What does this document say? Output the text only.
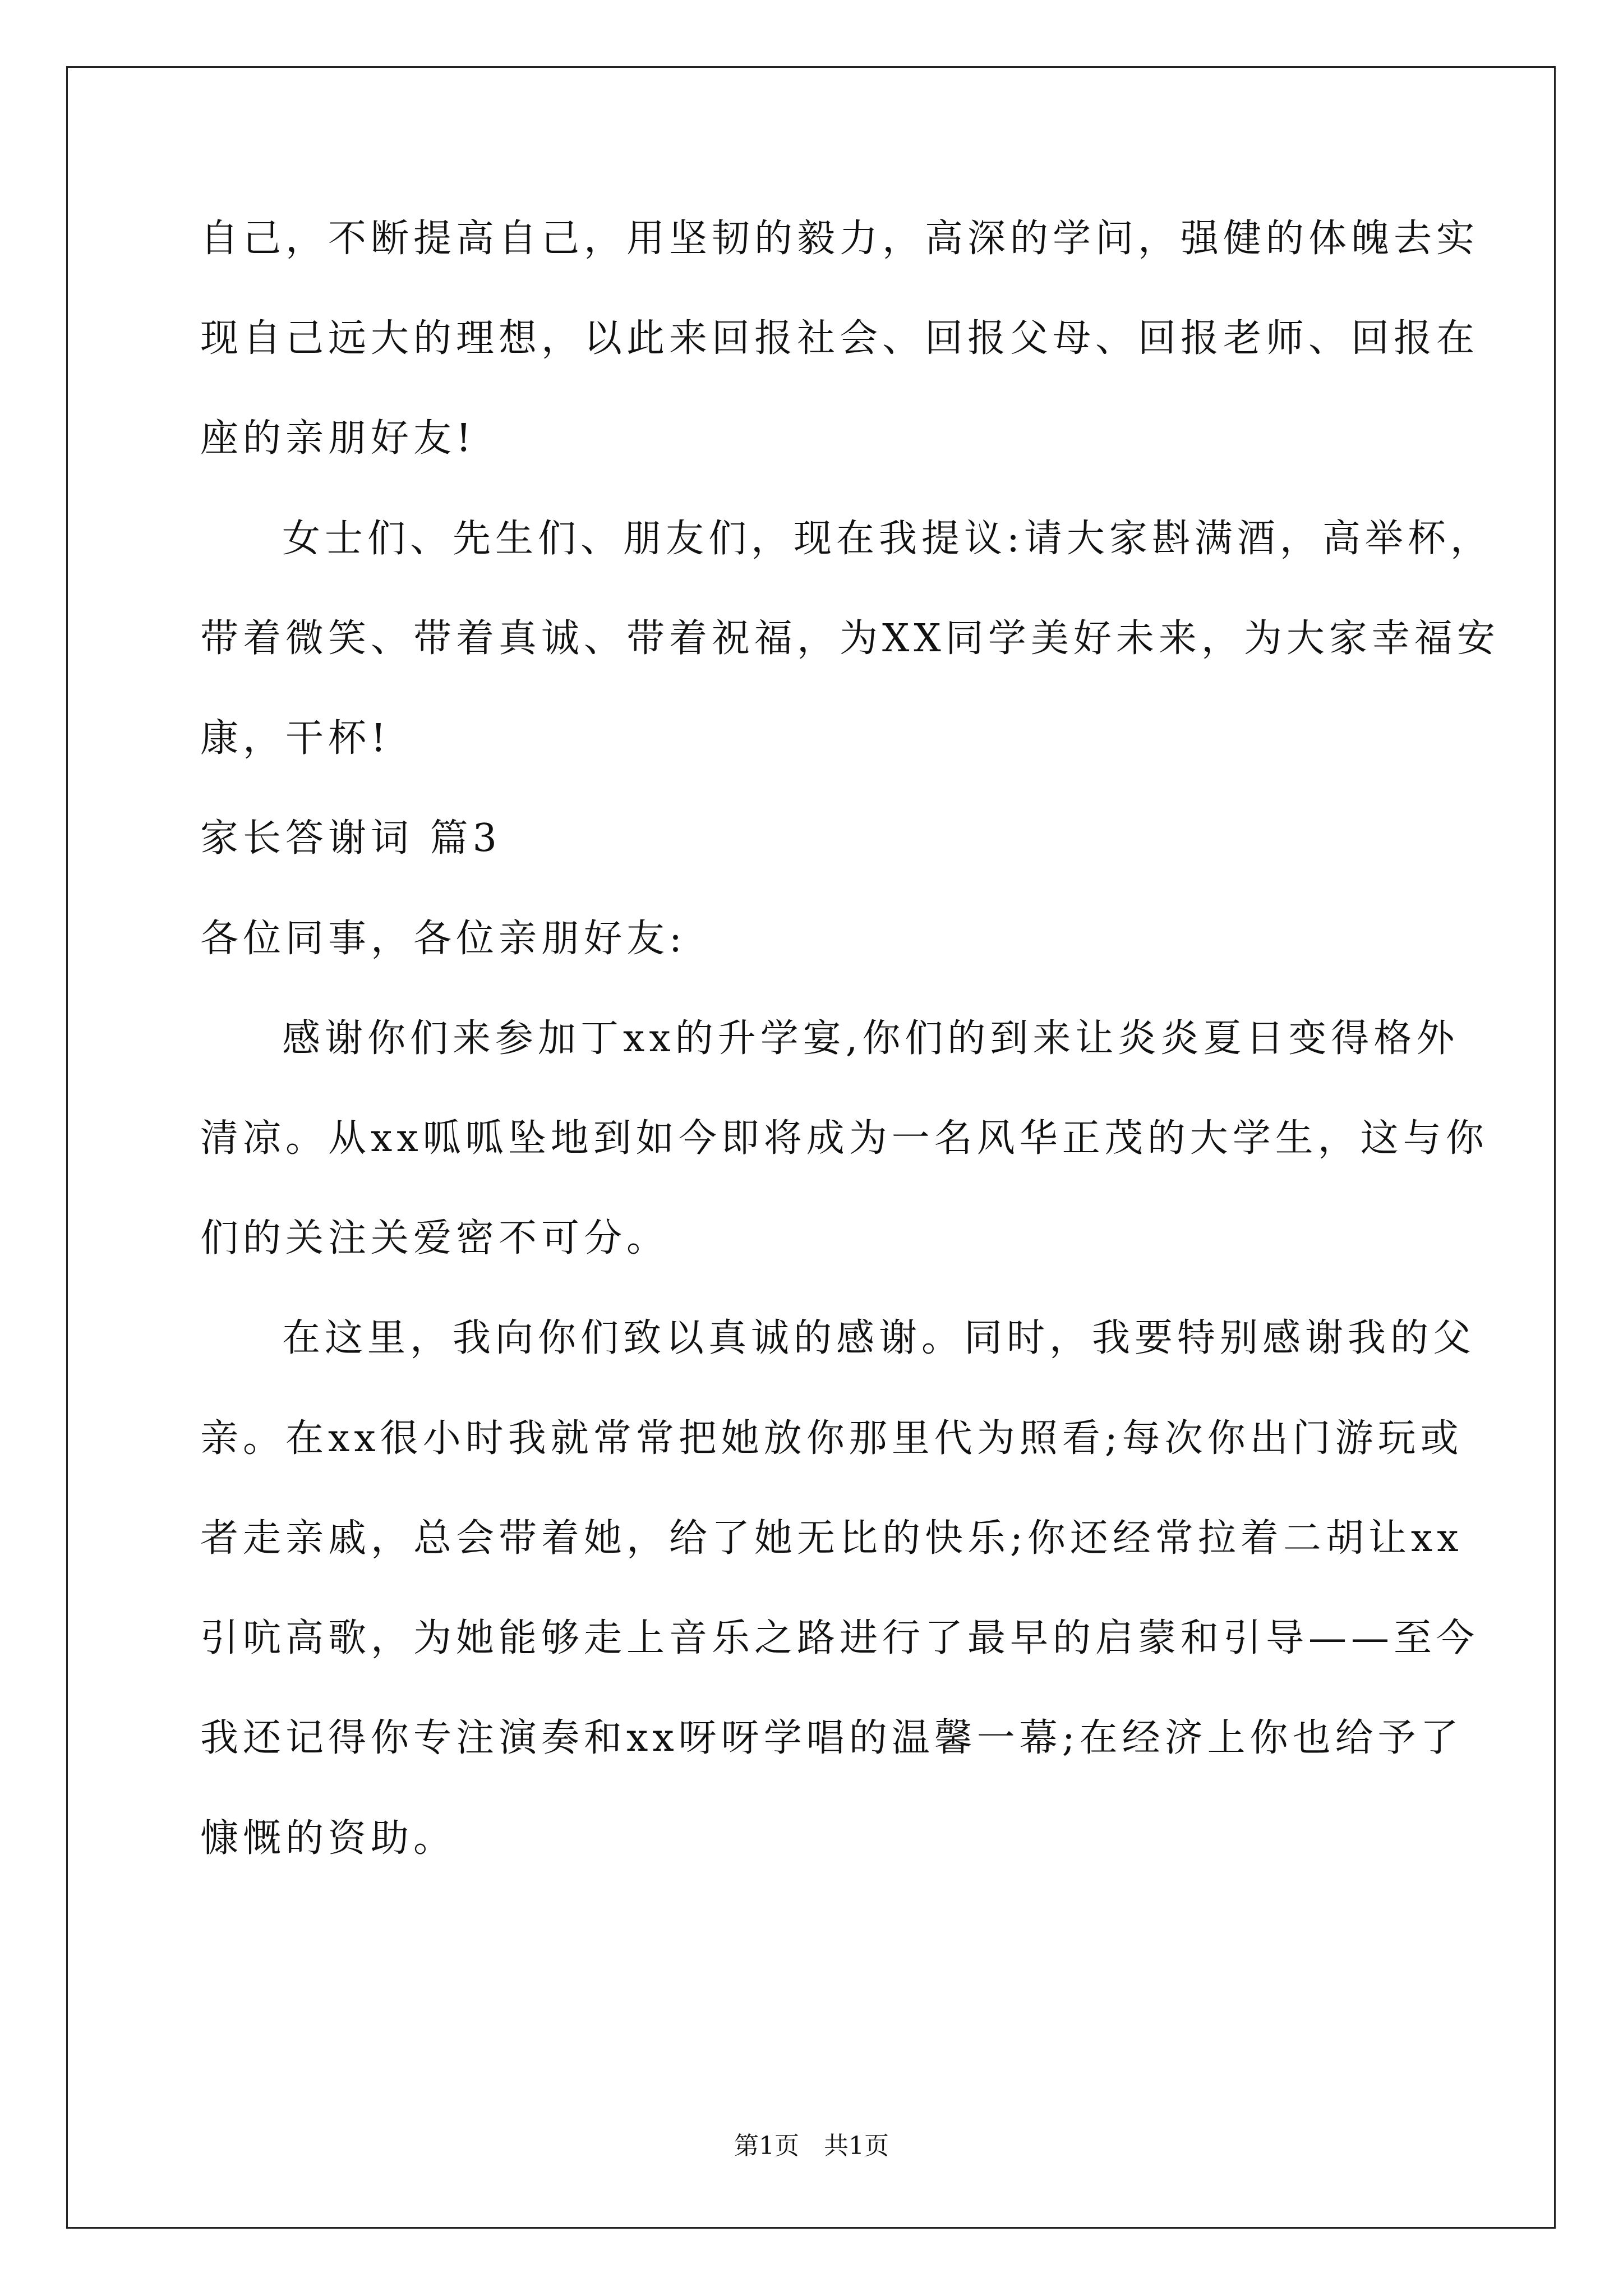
自己，不断提高自己，用坚韧的毅力，高深的学问，强健的体魄去实
现自己远大的理想，以此来回报社会、回报父母、回报老师、回报在
座的亲朋好友!
女士们、先生们、朋友们，现在我提议:请大家斟满酒，高举杯，
带着微笑、带着真诚、带着祝福，为XX同学美好未来，为大家幸福安
康，干杯!
家长答谢词 篇3
各位同事，各位亲朋好友:
感谢你们来参加丁xx的升学宴,你们的到来让炎炎夏日变得格外
清凉。从xx呱呱坠地到如今即将成为一名风华正茂的大学生，这与你
们的关注关爱密不可分。
在这里，我向你们致以真诚的感谢。同时，我要特别感谢我的父
亲。在xx很小时我就常常把她放你那里代为照看;每次你出门游玩或
者走亲戚，总会带着她，给了她无比的快乐;你还经常拉着二胡让xx
引吭高歌，为她能够走上音乐之路进行了最早的启蒙和引导——至今
我还记得你专注演奏和xx呀呀学唱的温馨一幕;在经济上你也给予了
慷慨的资助。
第1页　共1页
